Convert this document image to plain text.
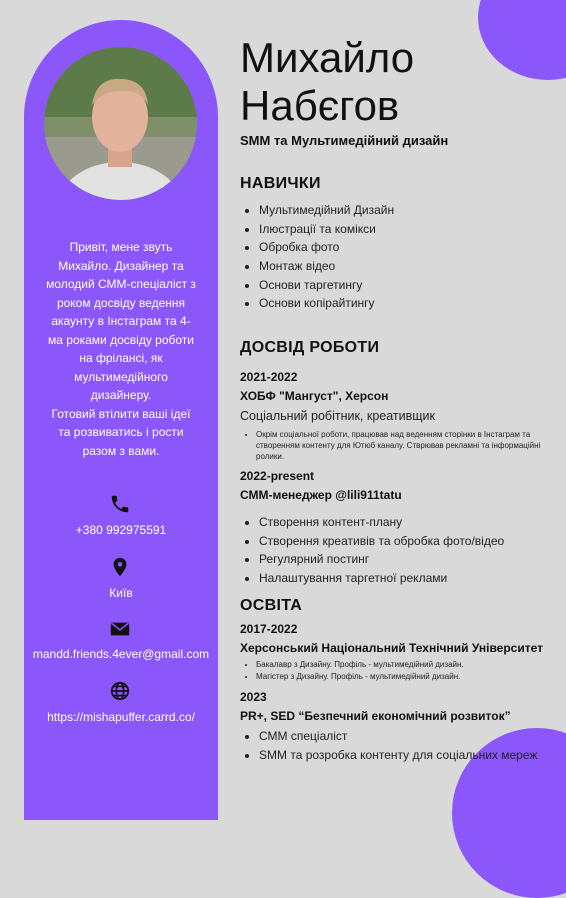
Привіт, мене звуть Михайло. Дизайнер та молодий СММ-спеціаліст з роком досвіду ведення акаунту в Інстаграм та 4-ма роками досвіду роботи на фрілансі, як мультимедійного дизайнеру.
Готовий втілити ваші ідеї та розвиватись і рости разом з вами.
+380 992975591
Київ
mandd.friends.4ever@gmail.com
https://mishapuffer.carrd.co/
Михайло
Набєгов
SMM та Мультимедійний дизайн
НАВИЧКИ
• Мультимедійний Дизайн
• Ілюстрації та комікси
• Обробка фото
• Монтаж відео
• Основи таргетингу
• Основи копірайтингу
ДОСВІД РОБОТИ
2021-2022
ХОБФ "Мангуст", Херсон
Соціальний робітник, креативщик
• Окрім соціальної роботи, працював над веденням сторінки в Інстаграм та створенням контенту для Ютюб каналу. Стврював рекламні та інформаційні ролики.
2022-present
СММ-менеджер @lili911tatu
• Створення контент-плану
• Створення креативів та обробка фото/відео
• Регулярний постинг
• Налаштування таргетної реклами
ОСВІТА
2017-2022
Херсонський Національний Технічний Університет
• Бакалавр з Дизайну. Профіль - мультимедійний дизайн.
• Магістер з Дизайну. Профіль - мультимедійний дизайн.
2023
PR+, SED “Безпечний економічний розвиток”
• СММ спеціаліст
• SMM та розробка контенту для соціальних мереж
